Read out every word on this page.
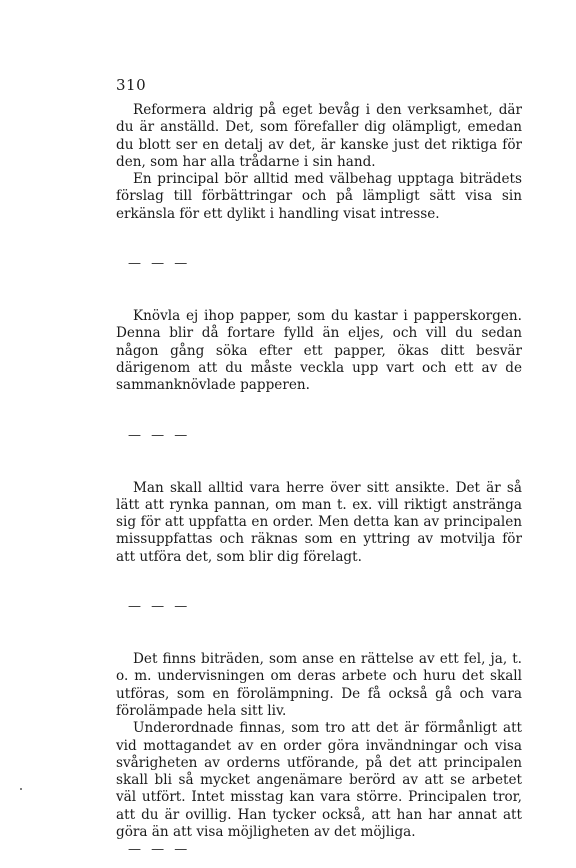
310

Reformera aldrig på eget bevåg i den verksamhet, där du är anställd. Det, som förefaller dig olämpligt, emedan du blott ser en detalj av det, är kanske just det riktiga för den, som har alla trådarne i sin hand.

En principal bör alltid med välbehag upptaga biträdets förslag till förbättringar och på lämpligt sätt visa sin erkänsla för ett dylikt i handling visat intresse.

— — —

Knövla ej ihop papper, som du kastar i papperskorgen. Denna blir då fortare fylld än eljes, och vill du sedan någon gång söka efter ett papper, ökas ditt besvär därigenom att du måste veckla upp vart och ett av de sammanknövlade papperen.

— — —

Man skall alltid vara herre över sitt ansikte. Det är så lätt att rynka pannan, om man t. ex. vill riktigt anstränga sig för att uppfatta en order. Men detta kan av principalen missuppfattas och räknas som en yttring av motvilja för att utföra det, som blir dig förelagt.

— — —

Det finns biträden, som anse en rättelse av ett fel, ja, t. o. m. undervisningen om deras arbete och huru det skall utföras, som en förolämpning. De få också gå och vara förolämpade hela sitt liv.

Underordnade finnas, som tro att det är förmånligt att vid mottagandet av en order göra invändningar och visa svårigheten av orderns utförande, på det att principalen skall bli så mycket angenämare berörd av att se arbetet väl utfört. Intet misstag kan vara större. Principalen tror, att du är ovillig. Han tycker också, att han har annat att göra än att visa möjligheten av det möjliga.

— — —
